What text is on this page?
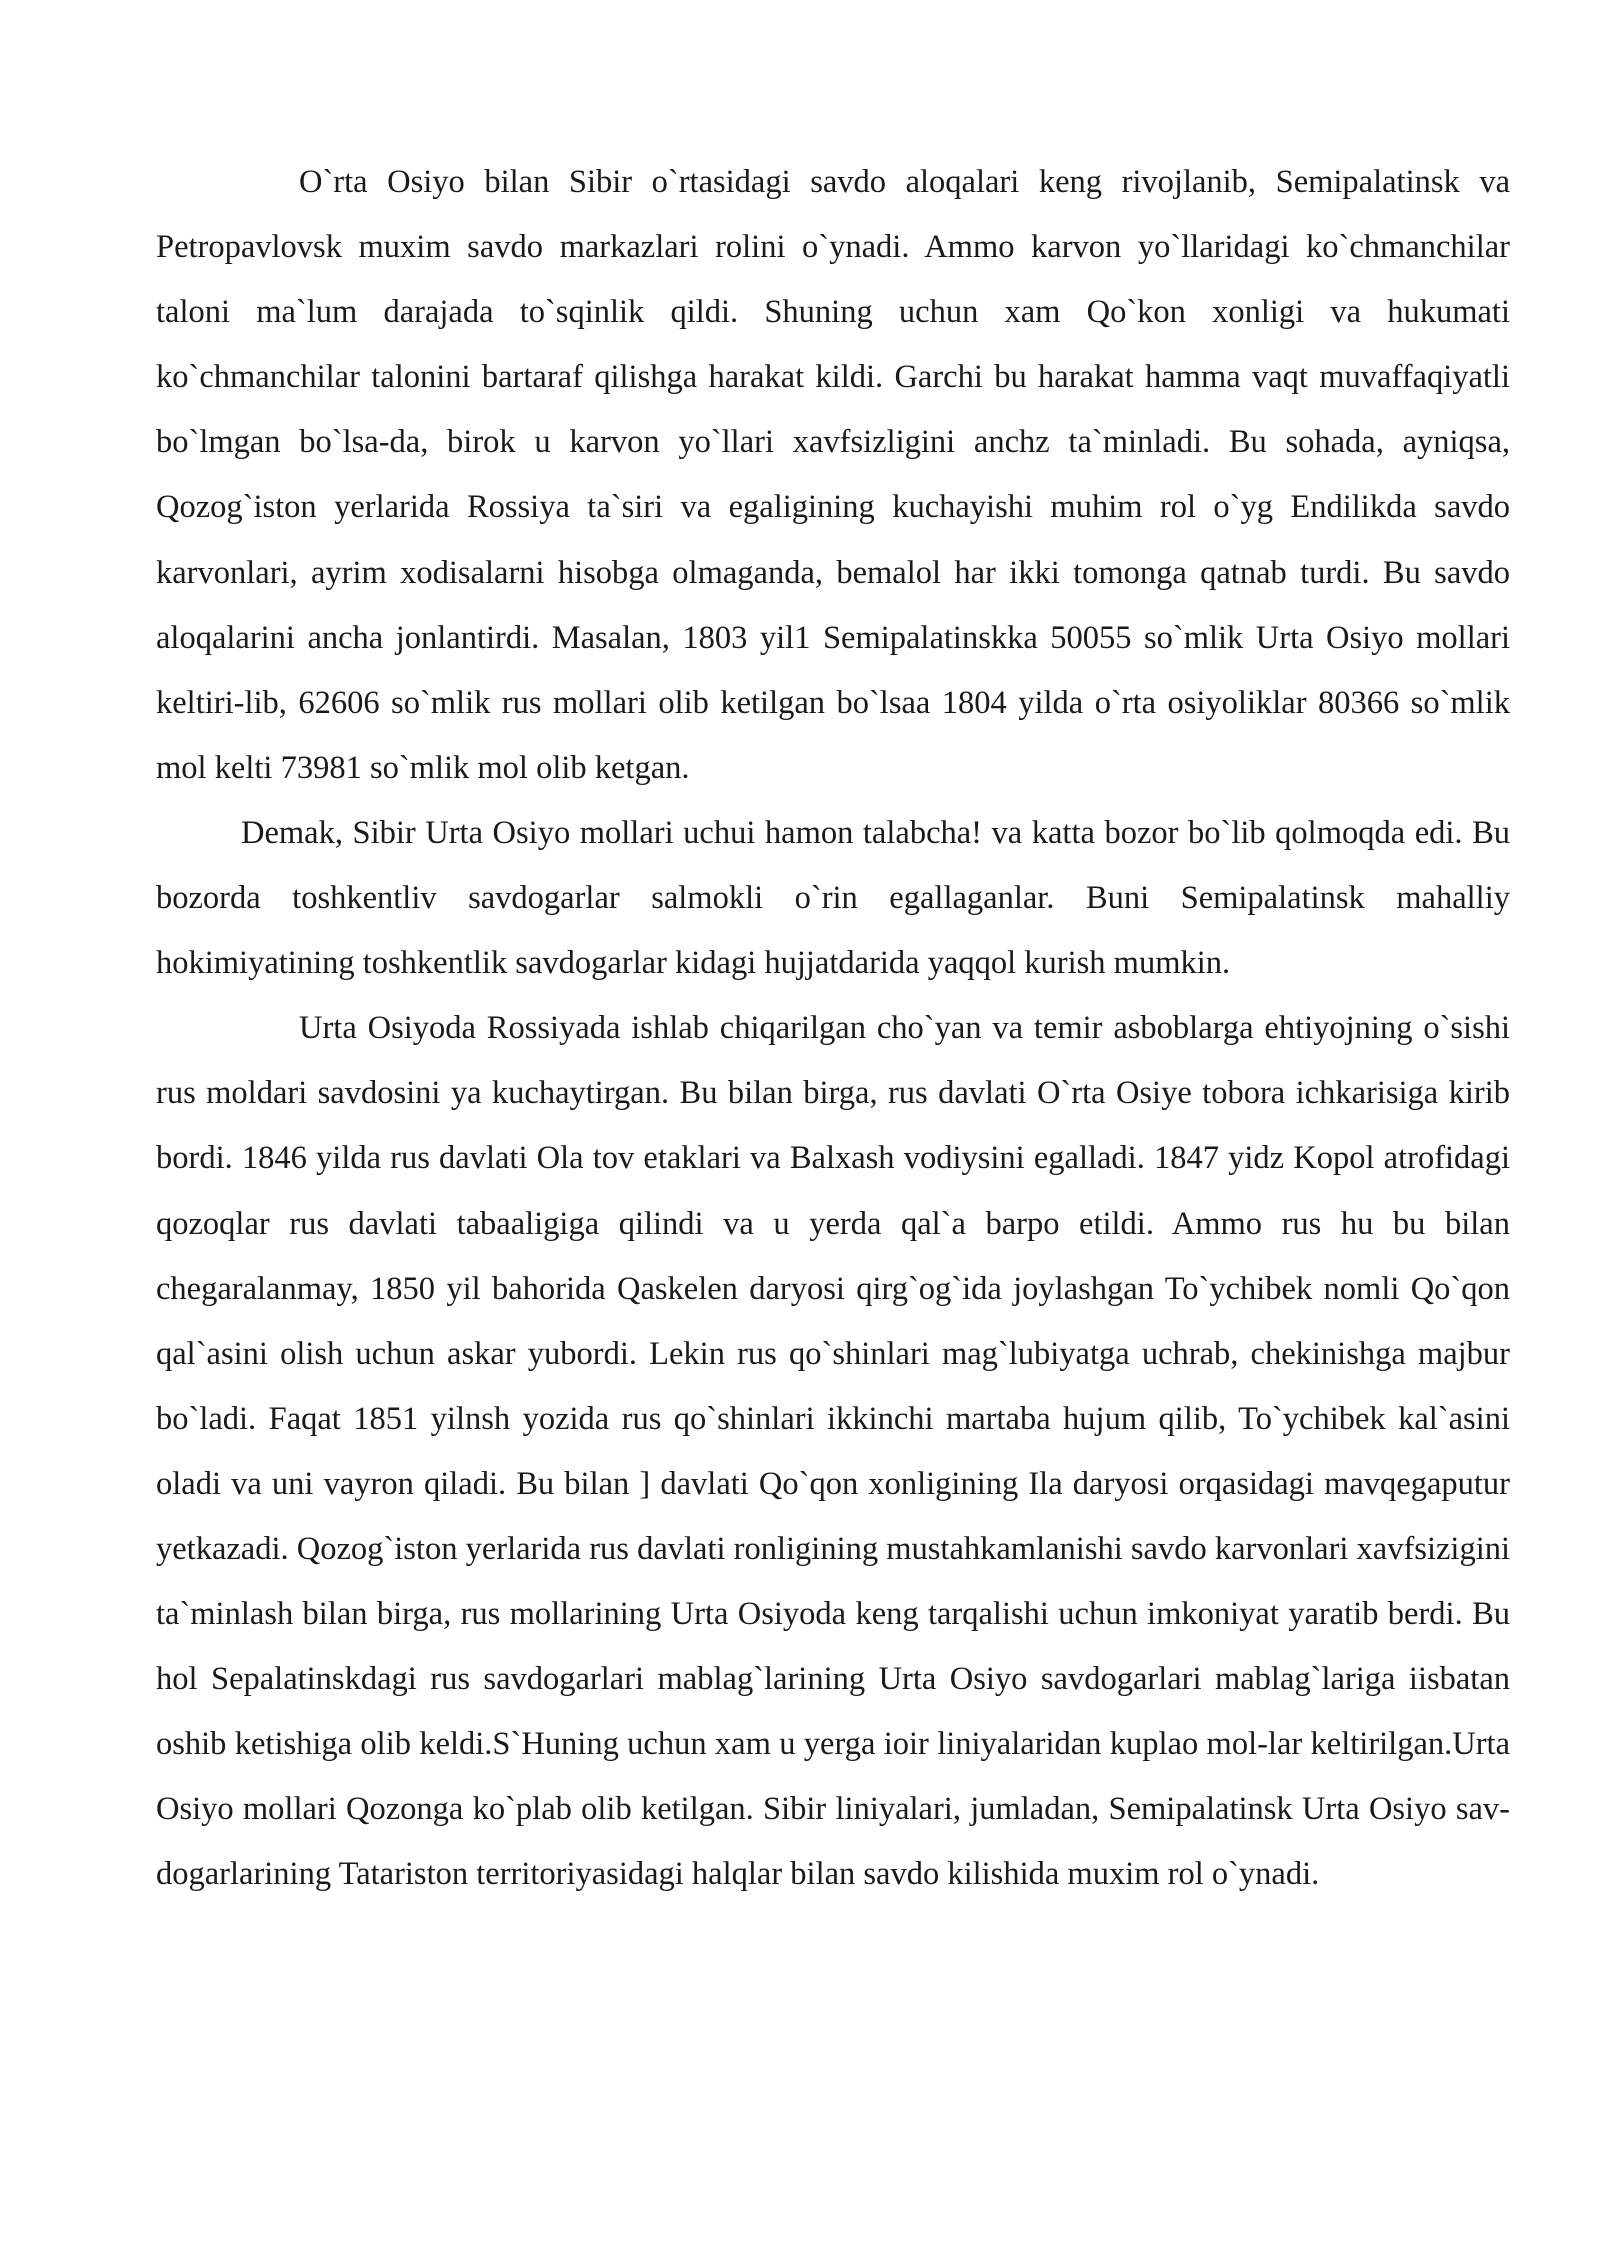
O`rta Osiyo bilan Sibir o`rtasidagi savdo aloqalari keng rivojlanib, Semipalatinsk va Petropavlovsk muxim savdo markazlari rolini o`ynadi. Ammo karvon yo`llaridagi ko`chmanchilar taloni ma`lum darajada to`sqinlik qildi. Shuning uchun xam Qo`kon xonligi va hukumati ko`chmanchilar talonini bartaraf qilishga harakat kildi. Garchi bu harakat hamma vaqt muvaffaqiyatli bo`lmgan bo`lsa-da, birok u karvon yo`llari xavfsizligini anchz ta`minladi. Bu sohada, ayniqsa, Qozog`iston yerlarida Rossiya ta`siri va egaligining kuchayishi muhim rol o`yg Endilikda savdo karvonlari, ayrim xodisalarni hisobga olmaganda, bemalol har ikki tomonga qatnab turdi. Bu savdo aloqalarini ancha jonlantirdi. Masalan, 1803 yil1 Semipalatinskka 50055 so`mlik Urta Osiyo mollari keltiri-lib, 62606 so`mlik rus mollari olib ketilgan bo`lsaa 1804 yilda o`rta osiyoliklar 80366 so`mlik mol kelti 73981 so`mlik mol olib ketgan.

Demak, Sibir Urta Osiyo mollari uchui hamon talabcha! va katta bozor bo`lib qolmoqda edi. Bu bozorda toshkentliv savdogarlar salmokli o`rin egallaganlar. Buni Semipalatinsk mahalliy hokimiyatining toshkentlik savdogarlar kidagi hujjatdarida yaqqol kurish mumkin.

Urta Osiyoda Rossiyada ishlab chiqarilgan cho`yan va temir asboblarga ehtiyojning o`sishi rus moldari savdosini ya kuchaytirgan. Bu bilan birga, rus davlati O`rta Osiye tobora ichkarisiga kirib bordi. 1846 yilda rus davlati Ola tov etaklari va Balxash vodiysini egalladi. 1847 yidz Kopol atrofidagi qozoqlar rus davlati tabaaligiga qilindi va u yerda qal`a barpo etildi. Ammo rus hu bu bilan chegaralanmay, 1850 yil bahorida Qaskelen daryosi qirg`og`ida joylashgan To`ychibek nomli Qo`qon qal`asini olish uchun askar yubordi. Lekin rus qo`shinlari mag`lubiyatga uchrab, chekinishga majbur bo`ladi. Faqat 1851 yilnsh yozida rus qo`shinlari ikkinchi martaba hujum qilib, To`ychibek kal`asini oladi va uni vayron qiladi. Bu bilan ] davlati Qo`qon xonligining Ila daryosi orqasidagi mavqegaputur yetkazadi. Qozog`iston yerlarida rus davlati ronligining mustahkamlanishi savdo karvonlari xavfsizigini ta`minlash bilan birga, rus mollarining Urta Osiyoda keng tarqalishi uchun imkoniyat yaratib berdi. Bu hol Sepalatinskdagi rus savdogarlari mablag`larining Urta Osiyo savdogarlari mablag`lariga iisbatan oshib ketishiga olib keldi.S`Huning uchun xam u yerga ioir liniyalaridan kuplao mol-lar keltirilgan.Urta Osiyo mollari Qozonga ko`plab olib ketilgan. Sibir liniyalari, jumladan, Semipalatinsk Urta Osiyo sav-dogarlarining Tatariston territoriyasidagi halqlar bilan savdo kilishida muxim rol o`ynadi.
